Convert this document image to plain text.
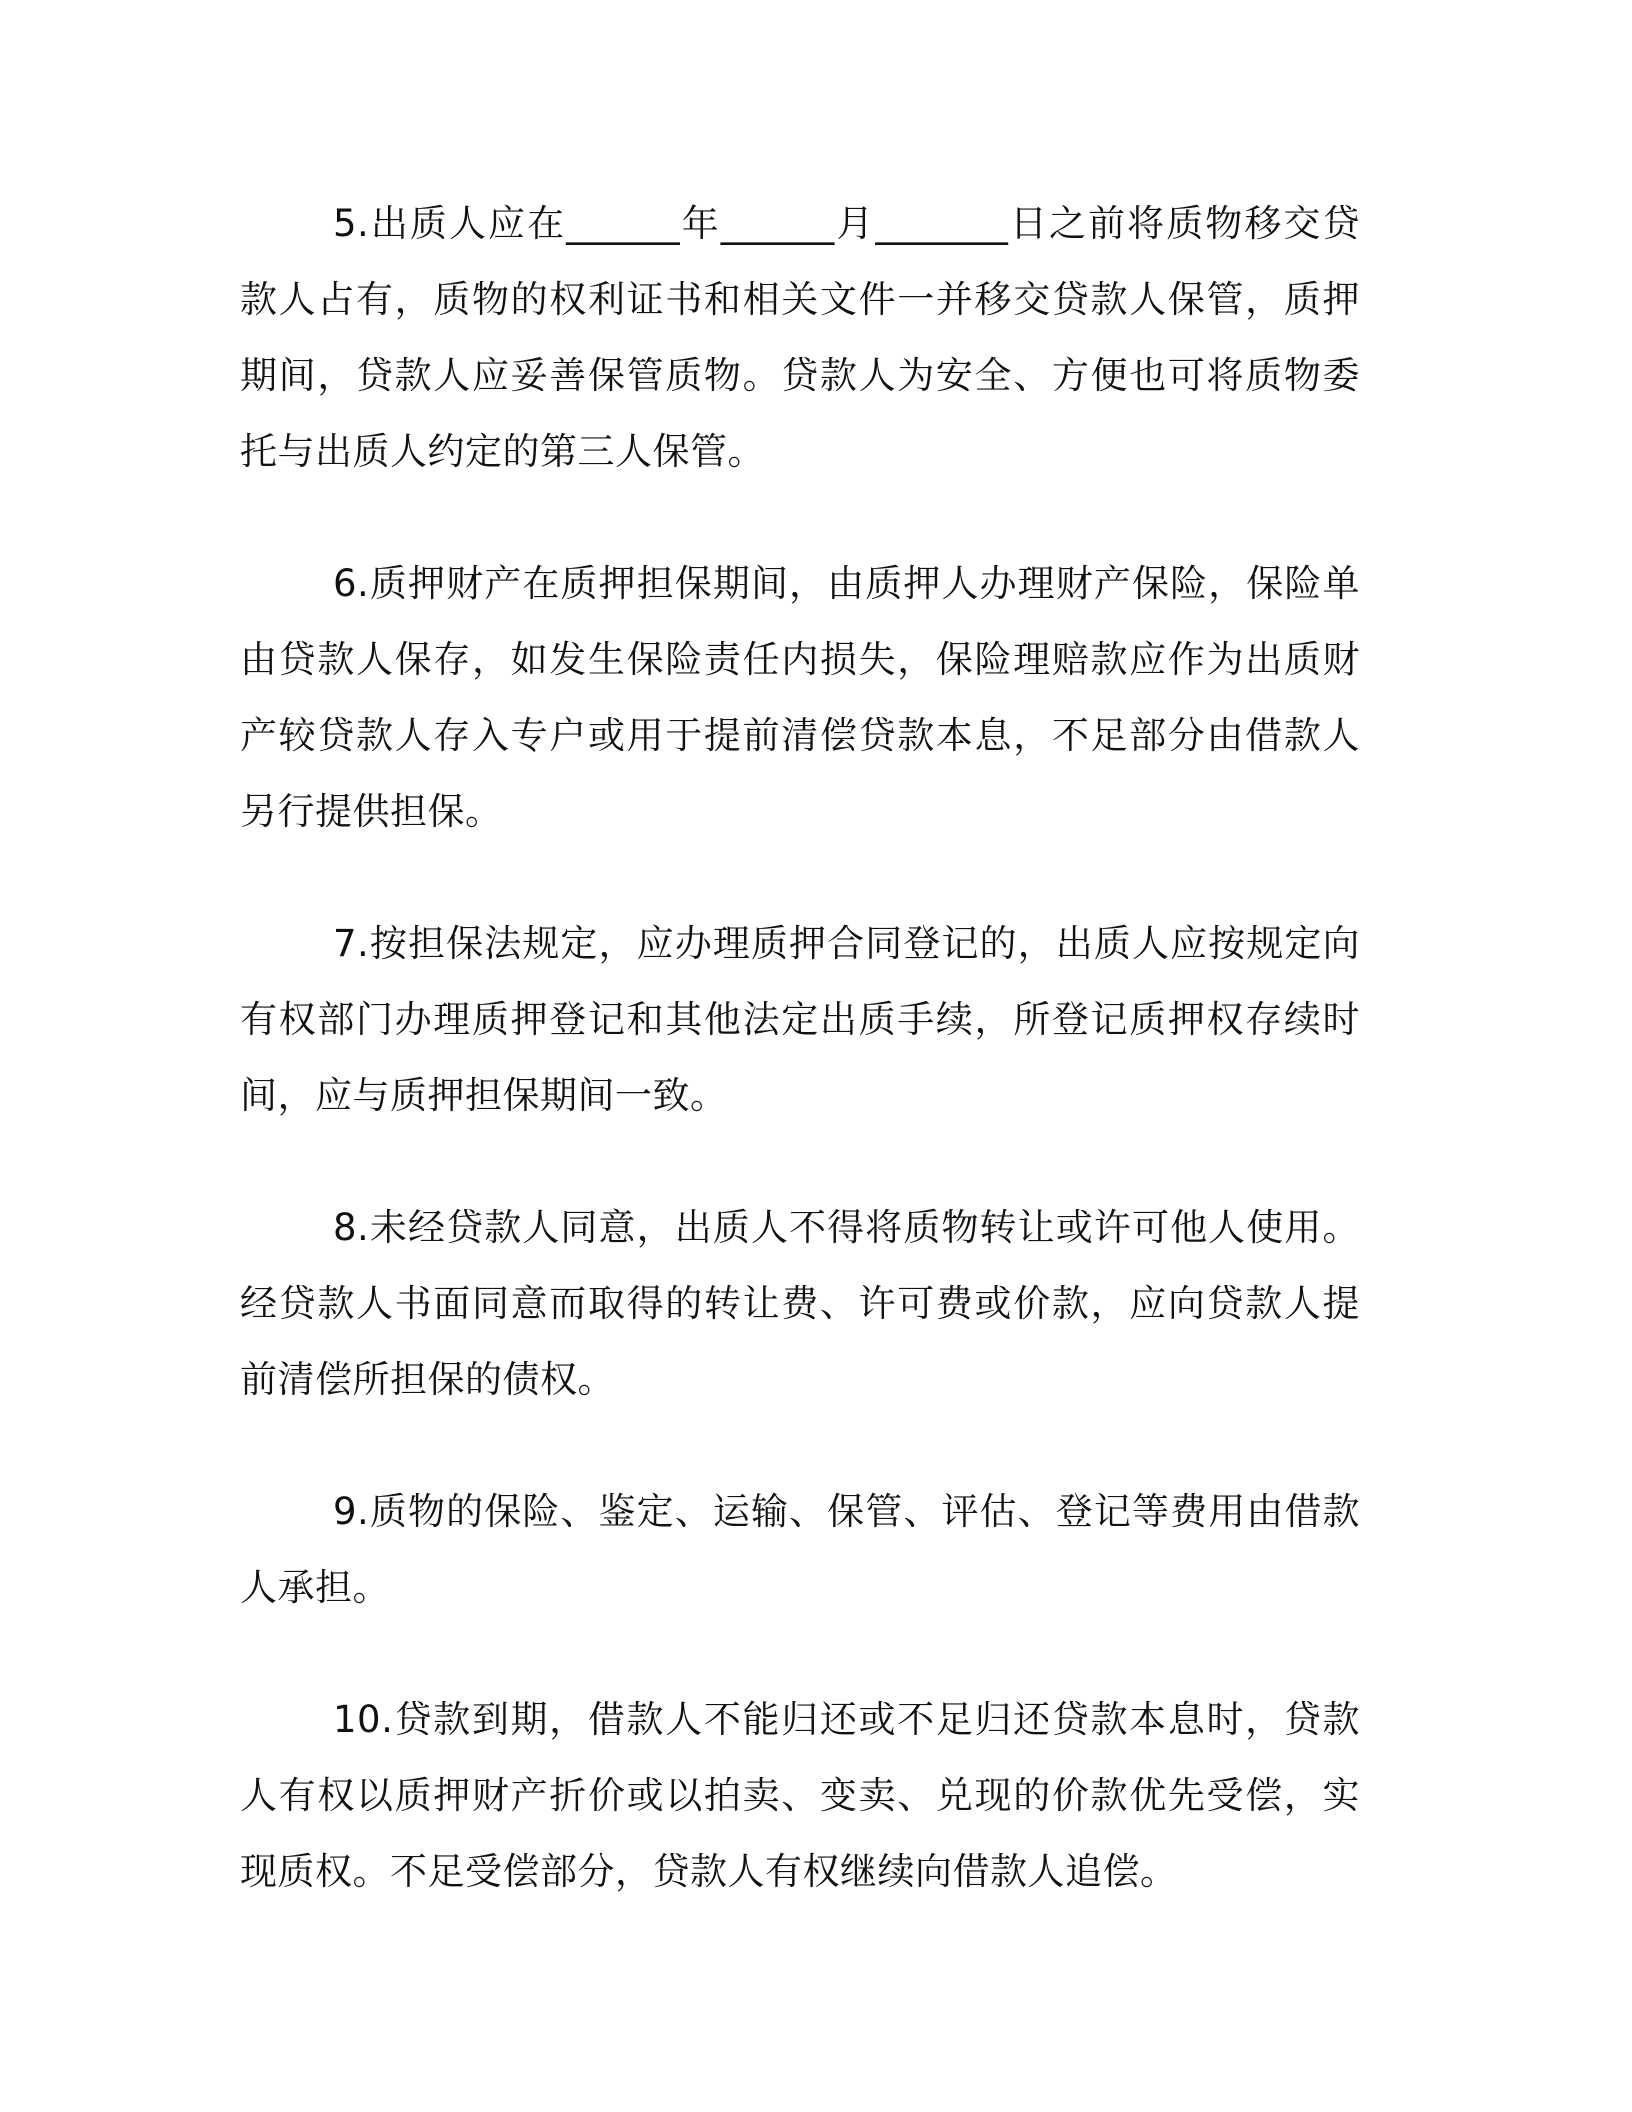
5.出质人应在______年______月_______日之前将质物移交贷款人占有，质物的权利证书和相关文件一并移交贷款人保管，质押期间，贷款人应妥善保管质物。贷款人为安全、方便也可将质物委托与出质人约定的第三人保管。

6.质押财产在质押担保期间，由质押人办理财产保险，保险单由贷款人保存，如发生保险责任内损失，保险理赔款应作为出质财产较贷款人存入专户或用于提前清偿贷款本息，不足部分由借款人另行提供担保。

7.按担保法规定，应办理质押合同登记的，出质人应按规定向有权部门办理质押登记和其他法定出质手续，所登记质押权存续时间，应与质押担保期间一致。

8.未经贷款人同意，出质人不得将质物转让或许可他人使用。经贷款人书面同意而取得的转让费、许可费或价款，应向贷款人提前清偿所担保的债权。

9.质物的保险、鉴定、运输、保管、评估、登记等费用由借款人承担。

10.贷款到期，借款人不能归还或不足归还贷款本息时，贷款人有权以质押财产折价或以拍卖、变卖、兑现的价款优先受偿，实现质权。不足受偿部分，贷款人有权继续向借款人追偿。
